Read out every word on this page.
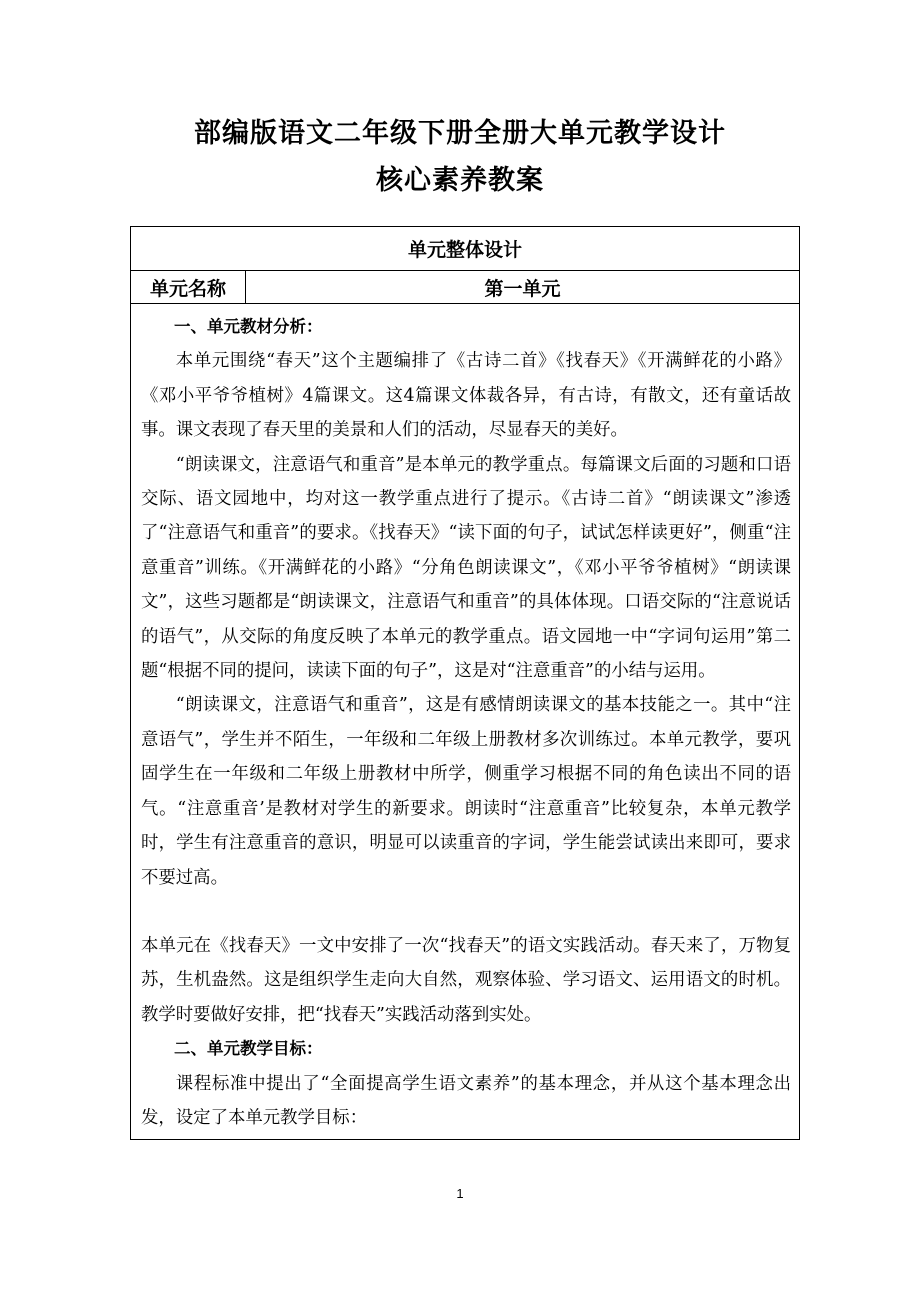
部编版语文二年级下册全册大单元教学设计
核心素养教案
单元整体设计
单元名称	第一单元

一、单元教材分析：

本单元围绕“春天”这个主题编排了《古诗二首》《找春天》《开满鲜花的小路》《邓小平爷爷植树》4篇课文。这4篇课文体裁各异，有古诗，有散文，还有童话故事。课文表现了春天里的美景和人们的活动，尽显春天的美好。

“朗读课文，注意语气和重音”是本单元的教学重点。每篇课文后面的习题和口语交际、语文园地中，均对这一教学重点进行了提示。《古诗二首》“朗读课文”渗透了“注意语气和重音”的要求。《找春天》“读下面的句子，试试怎样读更好”，侧重“注意重音”训练。《开满鲜花的小路》“分角色朗读课文”，《邓小平爷爷植树》“朗读课文”，这些习题都是“朗读课文，注意语气和重音”的具体体现。口语交际的“注意说话的语气”，从交际的角度反映了本单元的教学重点。语文园地一中“字词句运用”第二题“根据不同的提问，读读下面的句子”，这是对“注意重音”的小结与运用。

“朗读课文，注意语气和重音”，这是有感情朗读课文的基本技能之一。其中“注意语气”，学生并不陌生，一年级和二年级上册教材多次训练过。本单元教学，要巩固学生在一年级和二年级上册教材中所学，侧重学习根据不同的角色读出不同的语气。“注意重音’是教材对学生的新要求。朗读时“注意重音”比较复杂，本单元教学时，学生有注意重音的意识，明显可以读重音的字词，学生能尝试读出来即可，要求不要过高。

本单元在《找春天》一文中安排了一次“找春天”的语文实践活动。春天来了，万物复苏，生机盎然。这是组织学生走向大自然，观察体验、学习语文、运用语文的时机。教学时要做好安排，把“找春天”实践活动落到实处。

二、单元教学目标：

课程标准中提出了“全面提高学生语文素养”的基本理念，并从这个基本理念出发，设定了本单元教学目标：

1
